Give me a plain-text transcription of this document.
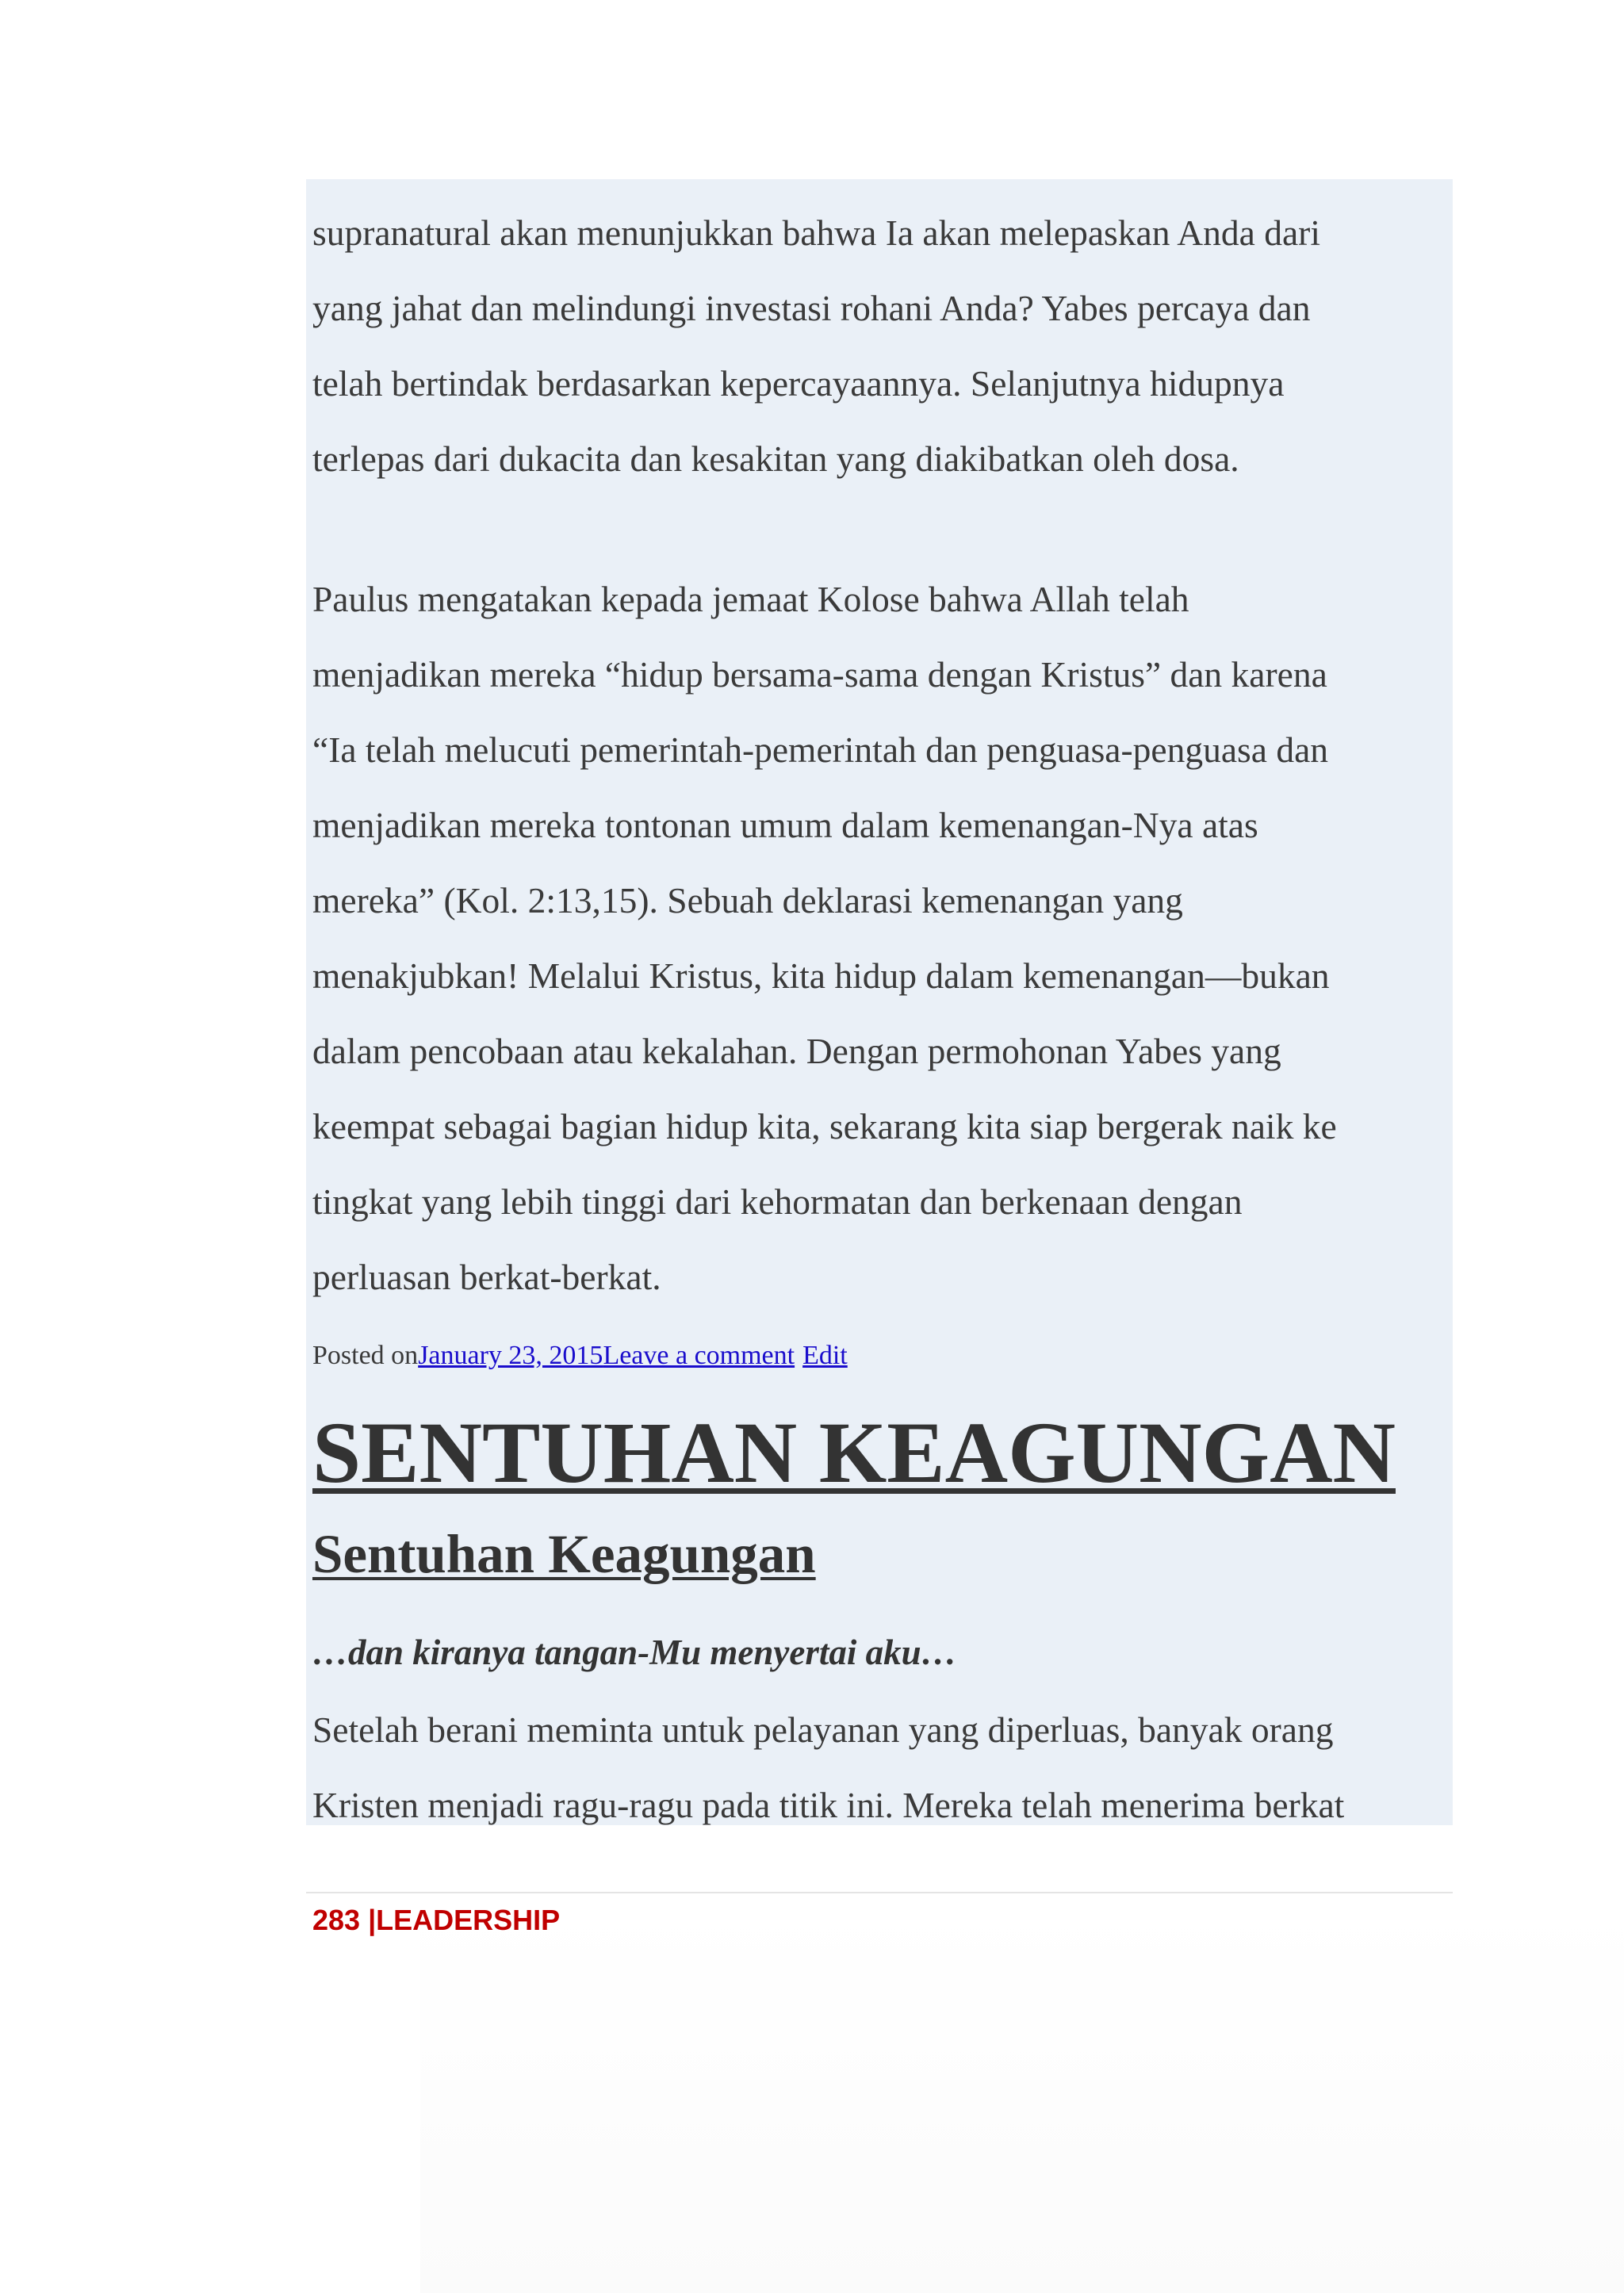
supranatural akan menunjukkan bahwa Ia akan melepaskan Anda dari
yang jahat dan melindungi investasi rohani Anda? Yabes percaya dan
telah bertindak berdasarkan kepercayaannya. Selanjutnya hidupnya
terlepas dari dukacita dan kesakitan yang diakibatkan oleh dosa.

Paulus mengatakan kepada jemaat Kolose bahwa Allah telah
menjadikan mereka “hidup bersama-sama dengan Kristus” dan karena
“Ia telah melucuti pemerintah-pemerintah dan penguasa-penguasa dan
menjadikan mereka tontonan umum dalam kemenangan-Nya atas
mereka” (Kol. 2:13,15). Sebuah deklarasi kemenangan yang
menakjubkan! Melalui Kristus, kita hidup dalam kemenangan—bukan
dalam pencobaan atau kekalahan. Dengan permohonan Yabes yang
keempat sebagai bagian hidup kita, sekarang kita siap bergerak naik ke
tingkat yang lebih tinggi dari kehormatan dan berkenaan dengan
perluasan berkat-berkat.

Posted onJanuary 23, 2015Leave a comment Edit
SENTUHAN KEAGUNGAN
Sentuhan Keagungan
…dan kiranya tangan-Mu menyertai aku…

Setelah berani meminta untuk pelayanan yang diperluas, banyak orang
Kristen menjadi ragu-ragu pada titik ini. Mereka telah menerima berkat

283 |LEADERSHIP
